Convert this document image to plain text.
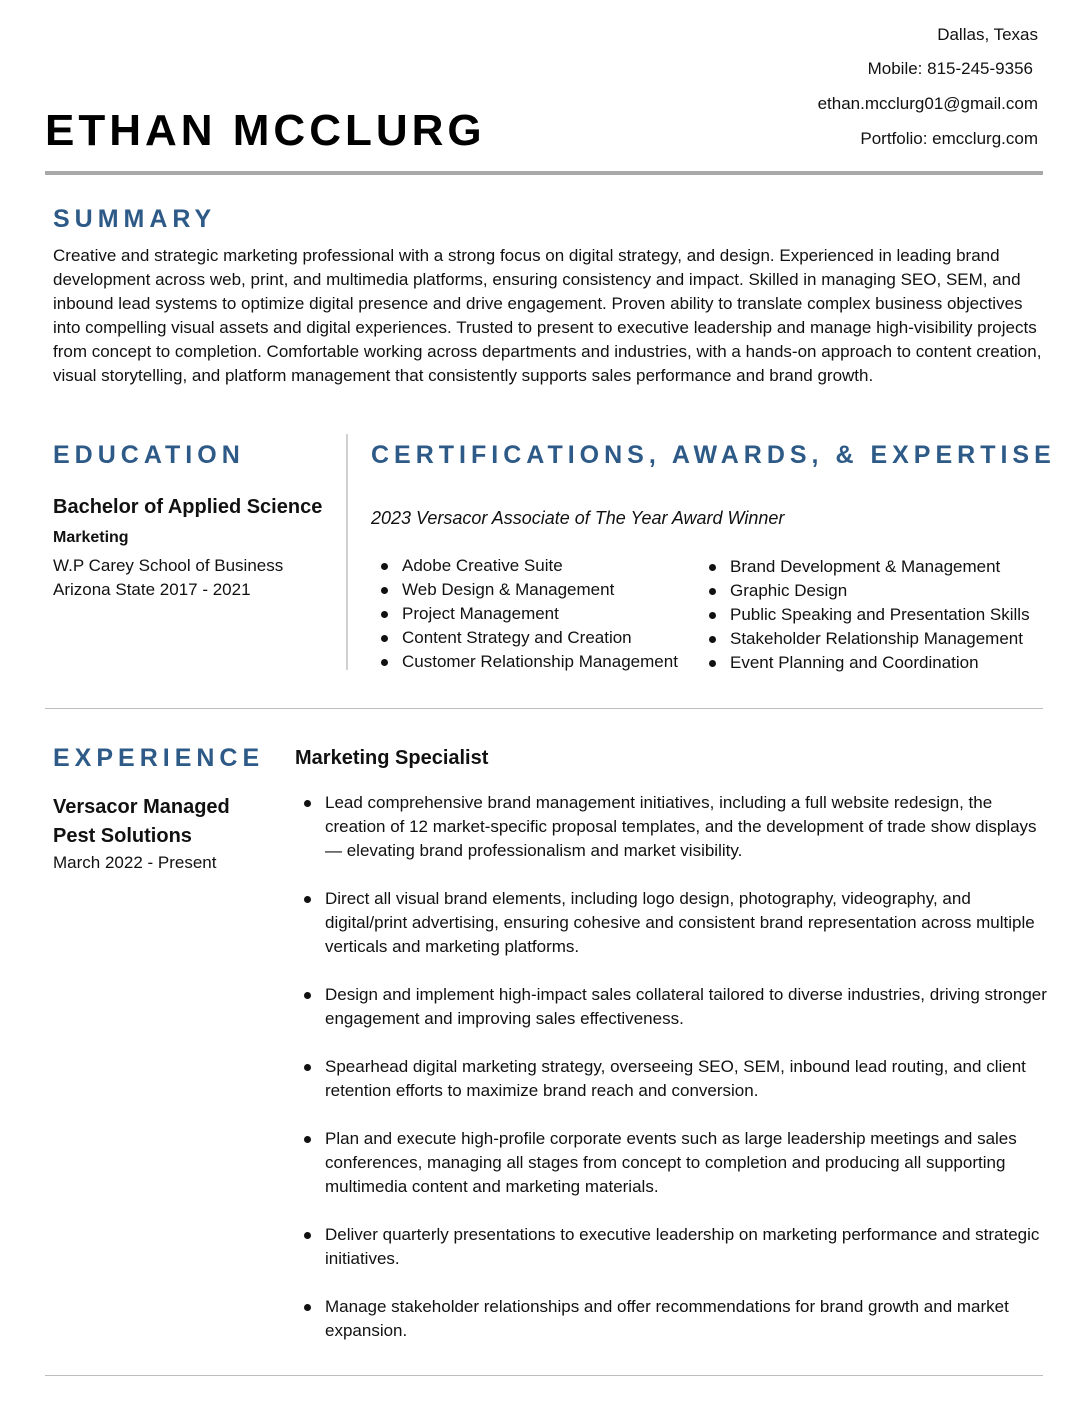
Dallas, Texas
Mobile: 815-245-9356
ethan.mcclurg01@gmail.com
Portfolio: emcclurg.com
ETHAN MCCLURG
SUMMARY
Creative and strategic marketing professional with a strong focus on digital strategy, and design. Experienced in leading brand development across web, print, and multimedia platforms, ensuring consistency and impact. Skilled in managing SEO, SEM, and inbound lead systems to optimize digital presence and drive engagement. Proven ability to translate complex business objectives into compelling visual assets and digital experiences. Trusted to present to executive leadership and manage high-visibility projects from concept to completion. Comfortable working across departments and industries, with a hands-on approach to content creation, visual storytelling, and platform management that consistently supports sales performance and brand growth.
EDUCATION
Bachelor of Applied Science
Marketing
W.P Carey School of Business
Arizona State 2017 - 2021
CERTIFICATIONS, AWARDS, & EXPERTISE
2023 Versacor Associate of The Year Award Winner
Adobe Creative Suite
Web Design & Management
Project Management
Content Strategy and Creation
Customer Relationship Management
Brand Development & Management
Graphic Design
Public Speaking and Presentation Skills
Stakeholder Relationship Management
Event Planning and Coordination
EXPERIENCE
Versacor Managed Pest Solutions
March 2022 - Present
Marketing Specialist
Lead comprehensive brand management initiatives, including a full website redesign, the creation of 12 market-specific proposal templates, and the development of trade show displays — elevating brand professionalism and market visibility.
Direct all visual brand elements, including logo design, photography, videography, and digital/print advertising, ensuring cohesive and consistent brand representation across multiple verticals and marketing platforms.
Design and implement high-impact sales collateral tailored to diverse industries, driving stronger engagement and improving sales effectiveness.
Spearhead digital marketing strategy, overseeing SEO, SEM, inbound lead routing, and client retention efforts to maximize brand reach and conversion.
Plan and execute high-profile corporate events such as large leadership meetings and sales conferences, managing all stages from concept to completion and producing all supporting multimedia content and marketing materials.
Deliver quarterly presentations to executive leadership on marketing performance and strategic initiatives.
Manage stakeholder relationships and offer recommendations for brand growth and market expansion.
